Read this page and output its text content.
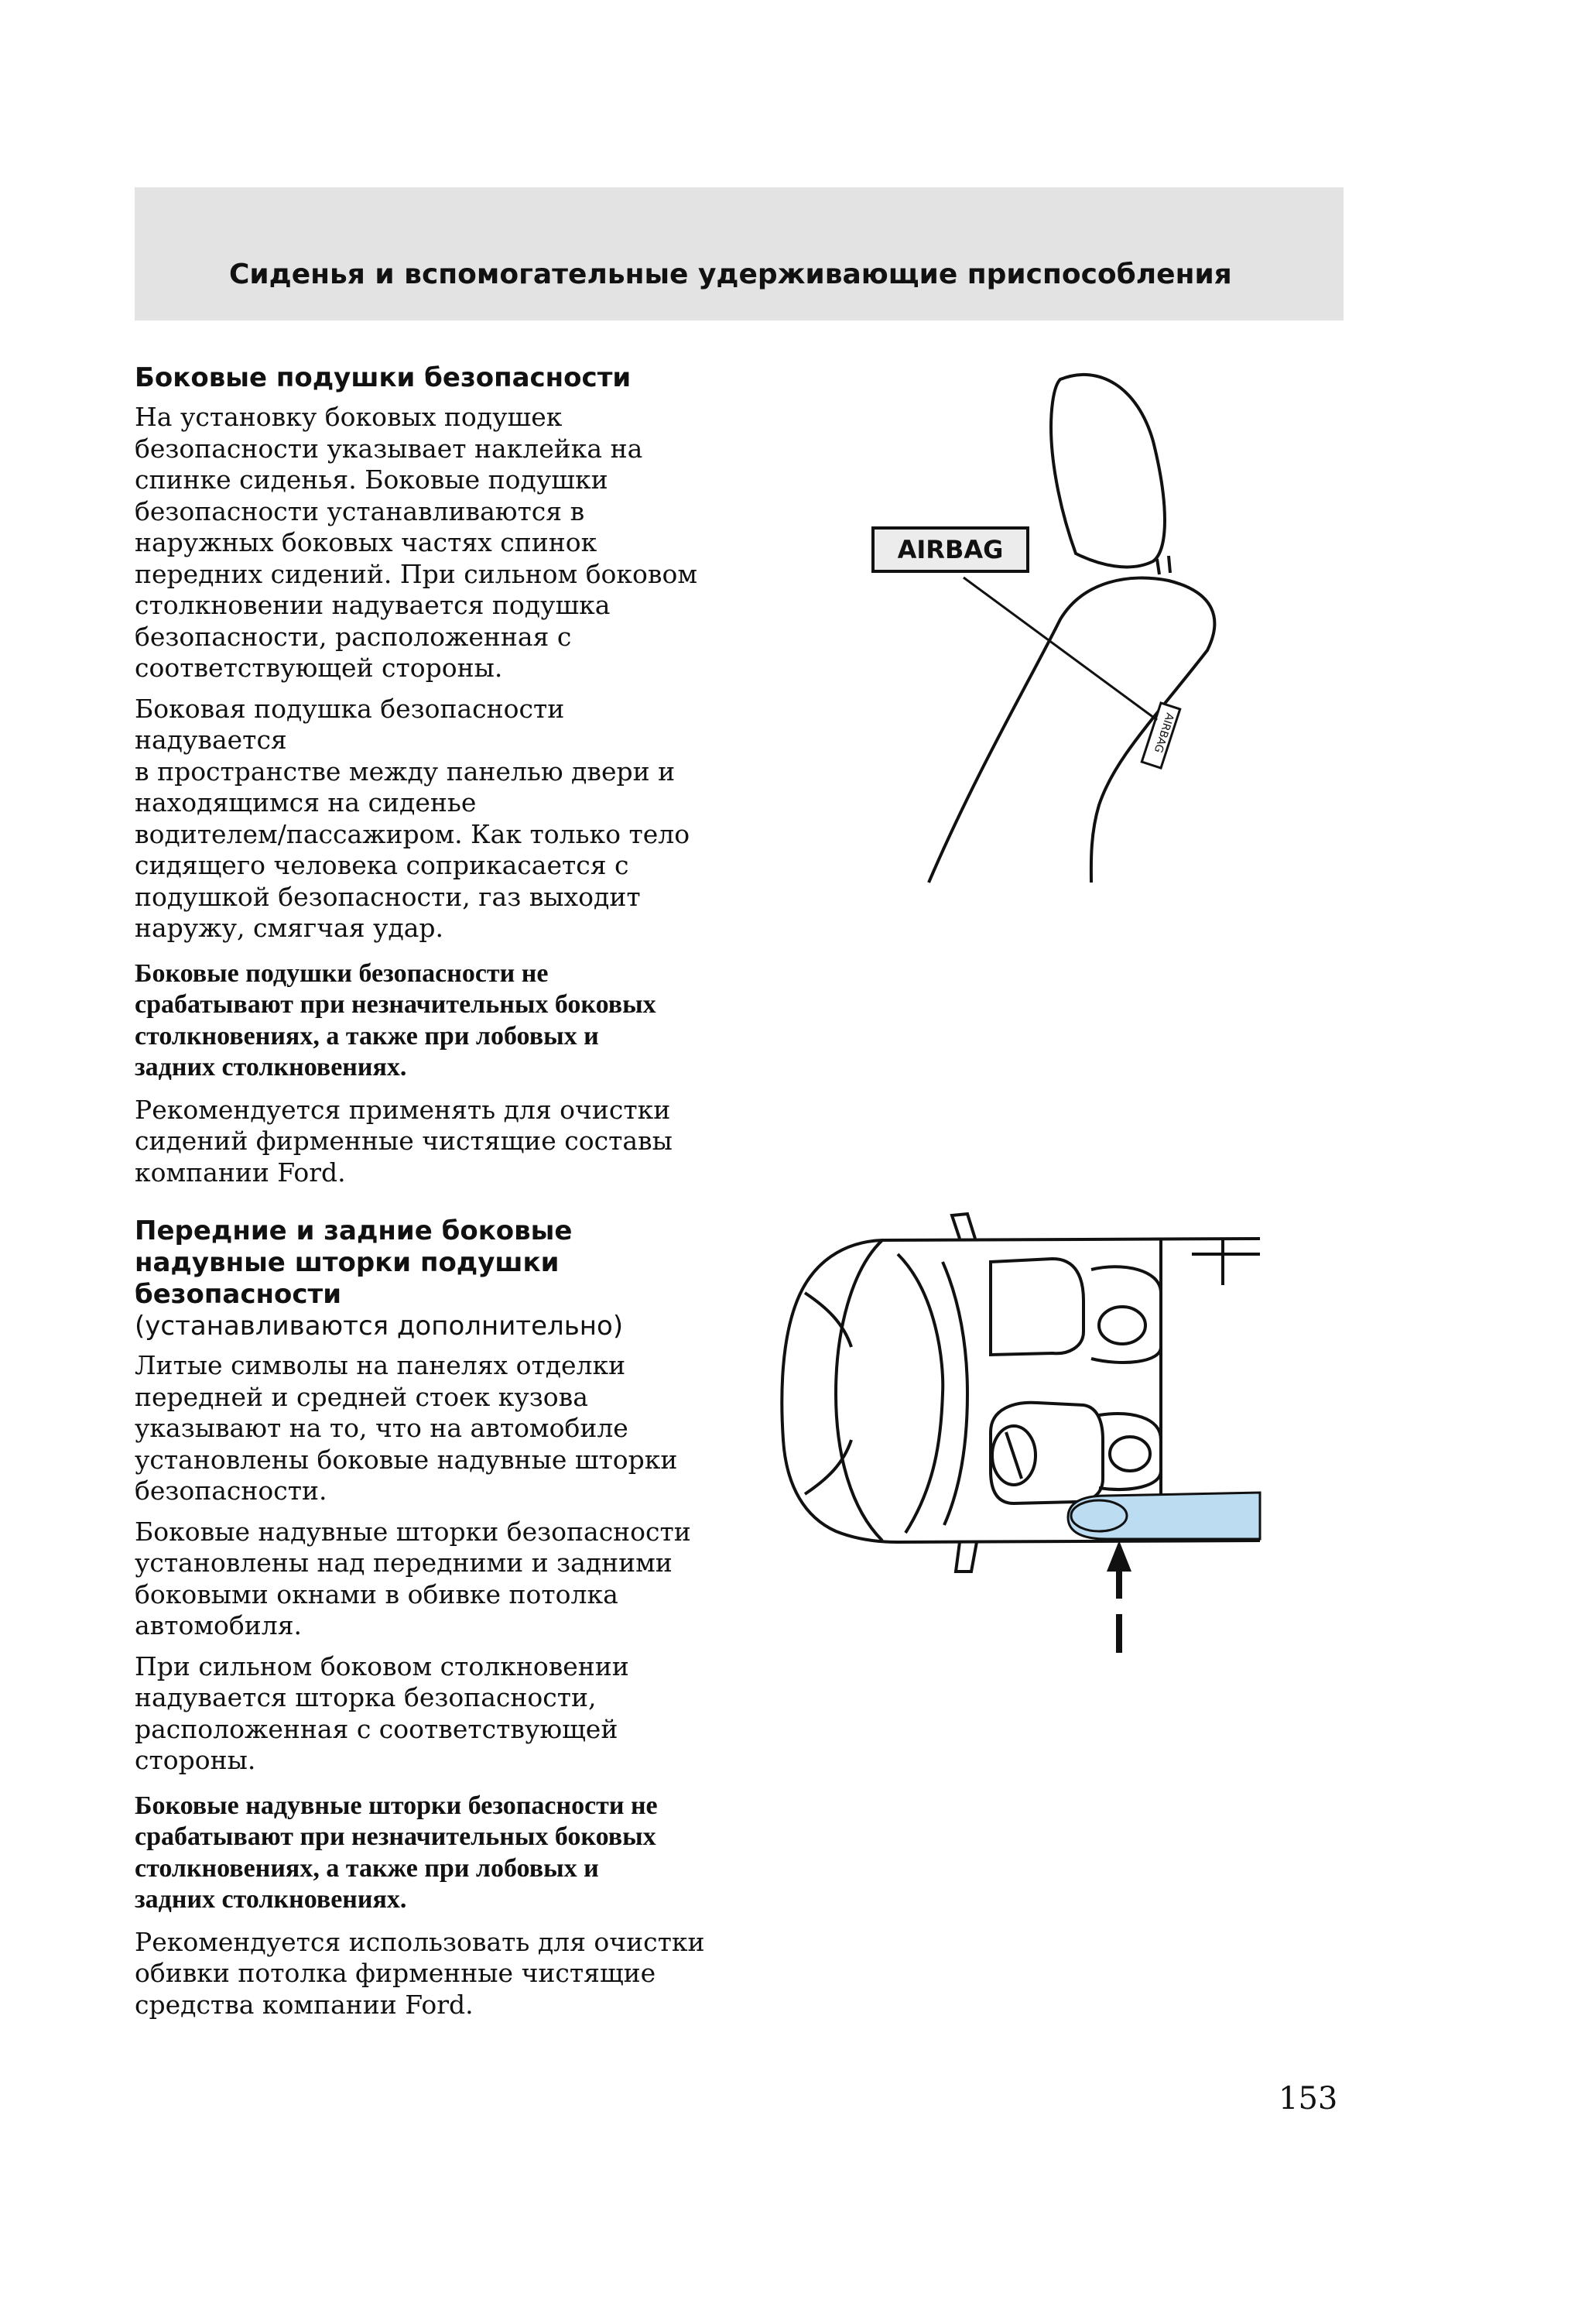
Сиденья и вспомогательные удерживающие приспособления
Боковые подушки безопасности

На установку боковых подушек
безопасности указывает наклейка на
спинке сиденья. Боковые подушки
безопасности устанавливаются в
наружных боковых частях спинок
передних сидений. При сильном боковом
столкновении надувается подушка
безопасности, расположенная с
соответствующей стороны.

Боковая подушка безопасности надувается
в пространстве между панелью двери и
находящимся на сиденье
водителем/пассажиром. Как только тело
сидящего человека соприкасается с
подушкой безопасности, газ выходит
наружу, смягчая удар.

Боковые подушки безопасности не
срабатывают при незначительных боковых
столкновениях, а также при лобовых и
задних столкновениях.

Рекомендуется применять для очистки
сидений фирменные чистящие составы
компании Ford.

AIRBAG
AIRBAG
Передние и задние боковые
надувные шторки подушки
безопасности
(устанавливаются дополнительно)

Литые символы на панелях отделки
передней и средней стоек кузова
указывают на то, что на автомобиле
установлены боковые надувные шторки
безопасности.

Боковые надувные шторки безопасности
установлены над передними и задними
боковыми окнами в обивке потолка
автомобиля.

При сильном боковом столкновении
надувается шторка безопасности,
расположенная с соответствующей
стороны.

Боковые надувные шторки безопасности не
срабатывают при незначительных боковых
столкновениях, а также при лобовых и
задних столкновениях.

Рекомендуется использовать для очистки
обивки потолка фирменные чистящие
средства компании Ford.

153
